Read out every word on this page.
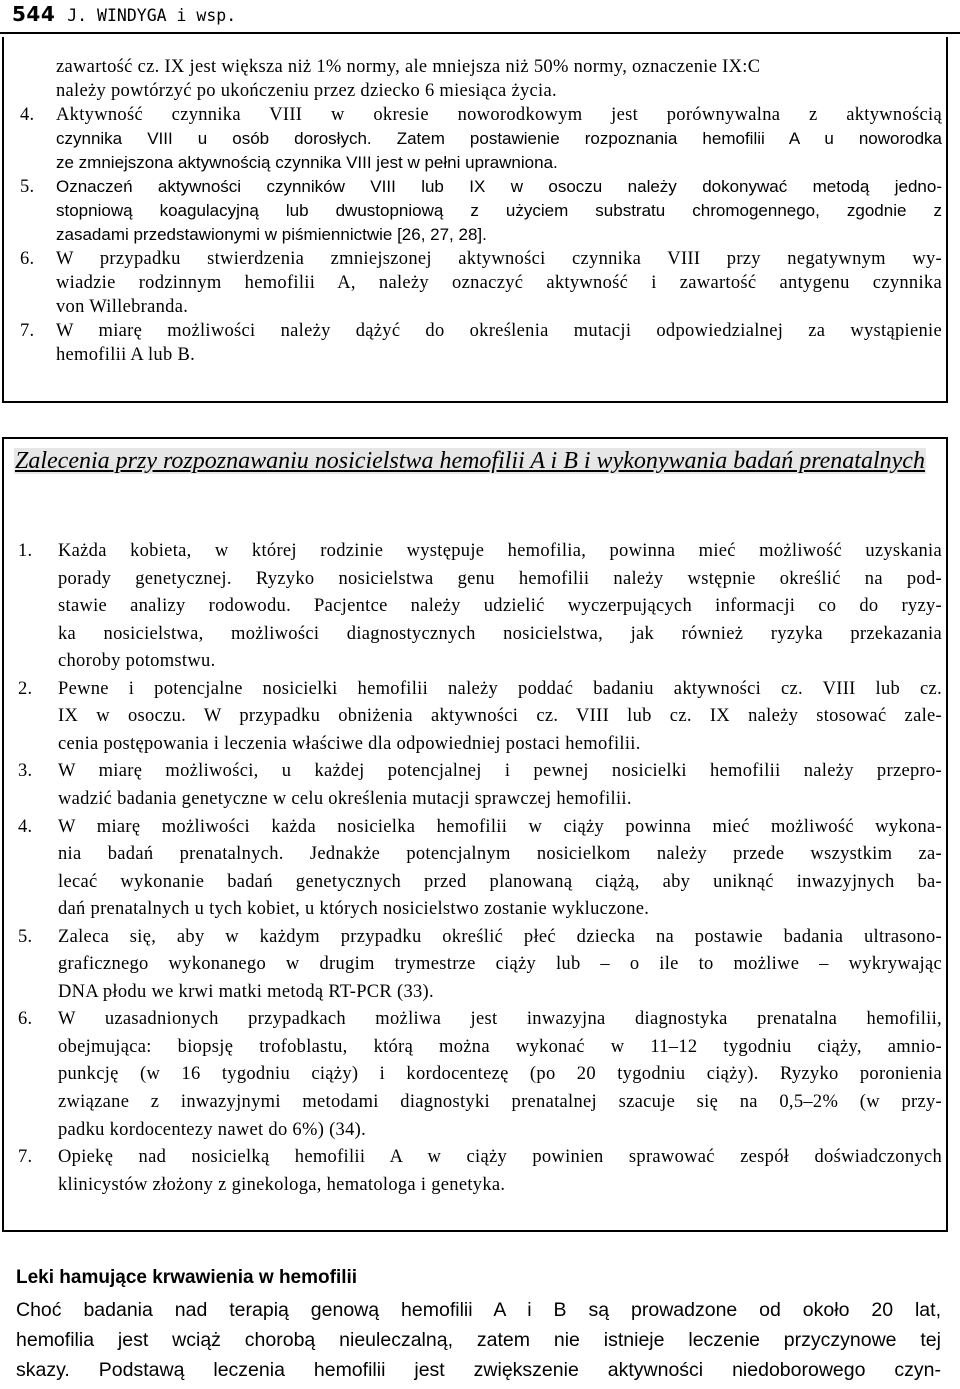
544 J. WINDYGA i wsp.
zawartość cz. IX jest większa niż 1% normy, ale mniejsza niż 50% normy, oznaczenie IX:C
należy powtórzyć po ukończeniu przez dziecko 6 miesiąca życia.
4.	Aktywność czynnika VIII w okresie noworodkowym jest porównywalna z aktywnością
czynnika VIII u osób dorosłych. Zatem postawienie rozpoznania hemofilii A u noworodka
ze zmniejszona aktywnością czynnika VIII jest w pełni uprawniona.
5.	Oznaczeń aktywności czynników VIII lub IX w osoczu należy dokonywać metodą jedno-
stopniową koagulacyjną lub dwustopniową z użyciem substratu chromogennego, zgodnie z
zasadami przedstawionymi w piśmiennictwie [26, 27, 28].
6.	W przypadku stwierdzenia zmniejszonej aktywności czynnika VIII przy negatywnym wy-
wiadzie rodzinnym hemofilii A, należy oznaczyć aktywność i zawartość antygenu czynnika
von Willebranda.
7.	W miarę możliwości należy dążyć do określenia mutacji odpowiedzialnej za wystąpienie
hemofilii A lub B.
Zalecenia przy rozpoznawaniu nosicielstwa hemofilii A i B i wykonywania badań prenatalnych
1.	Każda kobieta, w której rodzinie występuje hemofilia, powinna mieć możliwość uzyskania
porady genetycznej. Ryzyko nosicielstwa genu hemofilii należy wstępnie określić na pod-
stawie analizy rodowodu. Pacjentce należy udzielić wyczerpujących informacji co do ryzy-
ka nosicielstwa, możliwości diagnostycznych nosicielstwa, jak również ryzyka przekazania
choroby potomstwu.
2.	Pewne i potencjalne nosicielki hemofilii należy poddać badaniu aktywności cz. VIII lub cz.
IX w osoczu. W przypadku obniżenia aktywności cz. VIII lub cz. IX należy stosować zale-
cenia postępowania i leczenia właściwe dla odpowiedniej postaci hemofilii.
3.	W miarę możliwości, u każdej potencjalnej i pewnej nosicielki hemofilii należy przepro-
wadzić badania genetyczne w celu określenia mutacji sprawczej hemofilii.
4.	W miarę możliwości każda nosicielka hemofilii w ciąży powinna mieć możliwość wykona-
nia badań prenatalnych. Jednakże potencjalnym nosicielkom należy przede wszystkim za-
lecać wykonanie badań genetycznych przed planowaną ciążą, aby uniknąć inwazyjnych ba-
dań prenatalnych u tych kobiet, u których nosicielstwo zostanie wykluczone.
5.	Zaleca się, aby w każdym przypadku określić płeć dziecka na postawie badania ultrasono-
graficznego wykonanego w drugim trymestrze ciąży lub – o ile to możliwe – wykrywając
DNA płodu we krwi matki metodą RT-PCR (33).
6.	W uzasadnionych przypadkach możliwa jest inwazyjna diagnostyka prenatalna hemofilii,
obejmująca: biopsję trofoblastu, którą można wykonać w 11–12 tygodniu ciąży, amnio-
punkcję (w 16 tygodniu ciąży) i kordocentezę (po 20 tygodniu ciąży). Ryzyko poronienia
związane z inwazyjnymi metodami diagnostyki prenatalnej szacuje się na 0,5–2% (w przy-
padku kordocentezy nawet do 6%) (34).
7.	Opiekę nad nosicielką hemofilii A w ciąży powinien sprawować zespół doświadczonych
klinicystów złożony z ginekologa, hematologa i genetyka.
Leki hamujące krwawienia w hemofilii
Choć badania nad terapią genową hemofilii A i B są prowadzone od około 20 lat,
hemofilia jest wciąż chorobą nieuleczalną, zatem nie istnieje leczenie przyczynowe tej
skazy. Podstawą leczenia hemofilii jest zwiększenie aktywności niedoborowego czyn-
